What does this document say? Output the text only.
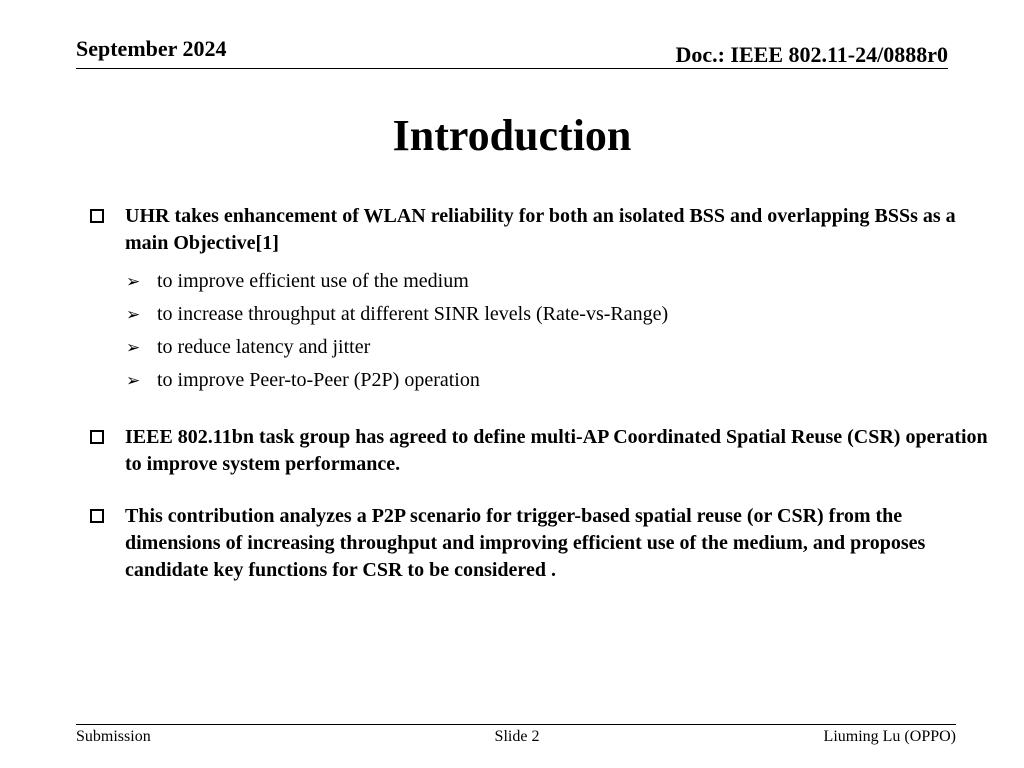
September 2024	Doc.: IEEE 802.11-24/0888r0
Introduction
UHR takes enhancement of WLAN reliability for both an isolated BSS and overlapping BSSs as a main Objective[1]
➢ to improve efficient use of the medium
➢ to increase throughput at different SINR levels (Rate-vs-Range)
➢ to reduce latency and jitter
➢ to improve Peer-to-Peer (P2P) operation
IEEE 802.11bn task group has agreed to define multi-AP Coordinated Spatial Reuse (CSR) operation to improve system performance.
This contribution analyzes a P2P scenario for trigger-based spatial reuse (or CSR) from the dimensions of increasing throughput and improving efficient use of the medium, and proposes candidate key functions for CSR to be considered .
Submission	Slide 2	Liuming Lu (OPPO)
